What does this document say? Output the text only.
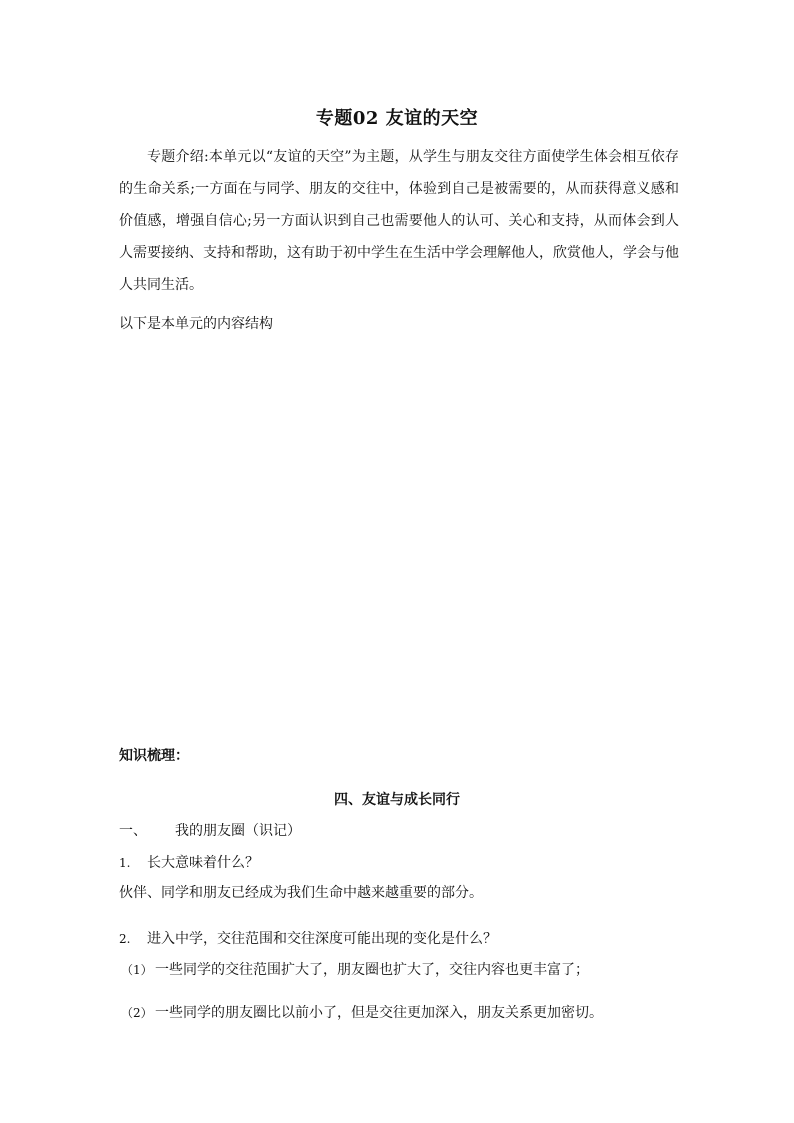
专题02 友谊的天空

专题介绍:本单元以“友谊的天空”为主题，从学生与朋友交往方面使学生体会相互依存的生命关系;一方面在与同学、朋友的交往中，体验到自己是被需要的，从而获得意义感和价值感，增强自信心;另一方面认识到自己也需要他人的认可、关心和支持，从而体会到人人需要接纳、支持和帮助，这有助于初中学生在生活中学会理解他人，欣赏他人，学会与他人共同生活。

以下是本单元的内容结构
知识梳理：
四、友谊与成长同行
一、 我的朋友圈（识记）
1. 长大意味着什么？
伙伴、同学和朋友已经成为我们生命中越来越重要的部分。
2. 进入中学，交往范围和交往深度可能出现的变化是什么？
（1） 一些同学的交往范围扩大了，朋友圈也扩大了，交往内容也更丰富了；
（2） 一些同学的朋友圈比以前小了，但是交往更加深入，朋友关系更加密切。
